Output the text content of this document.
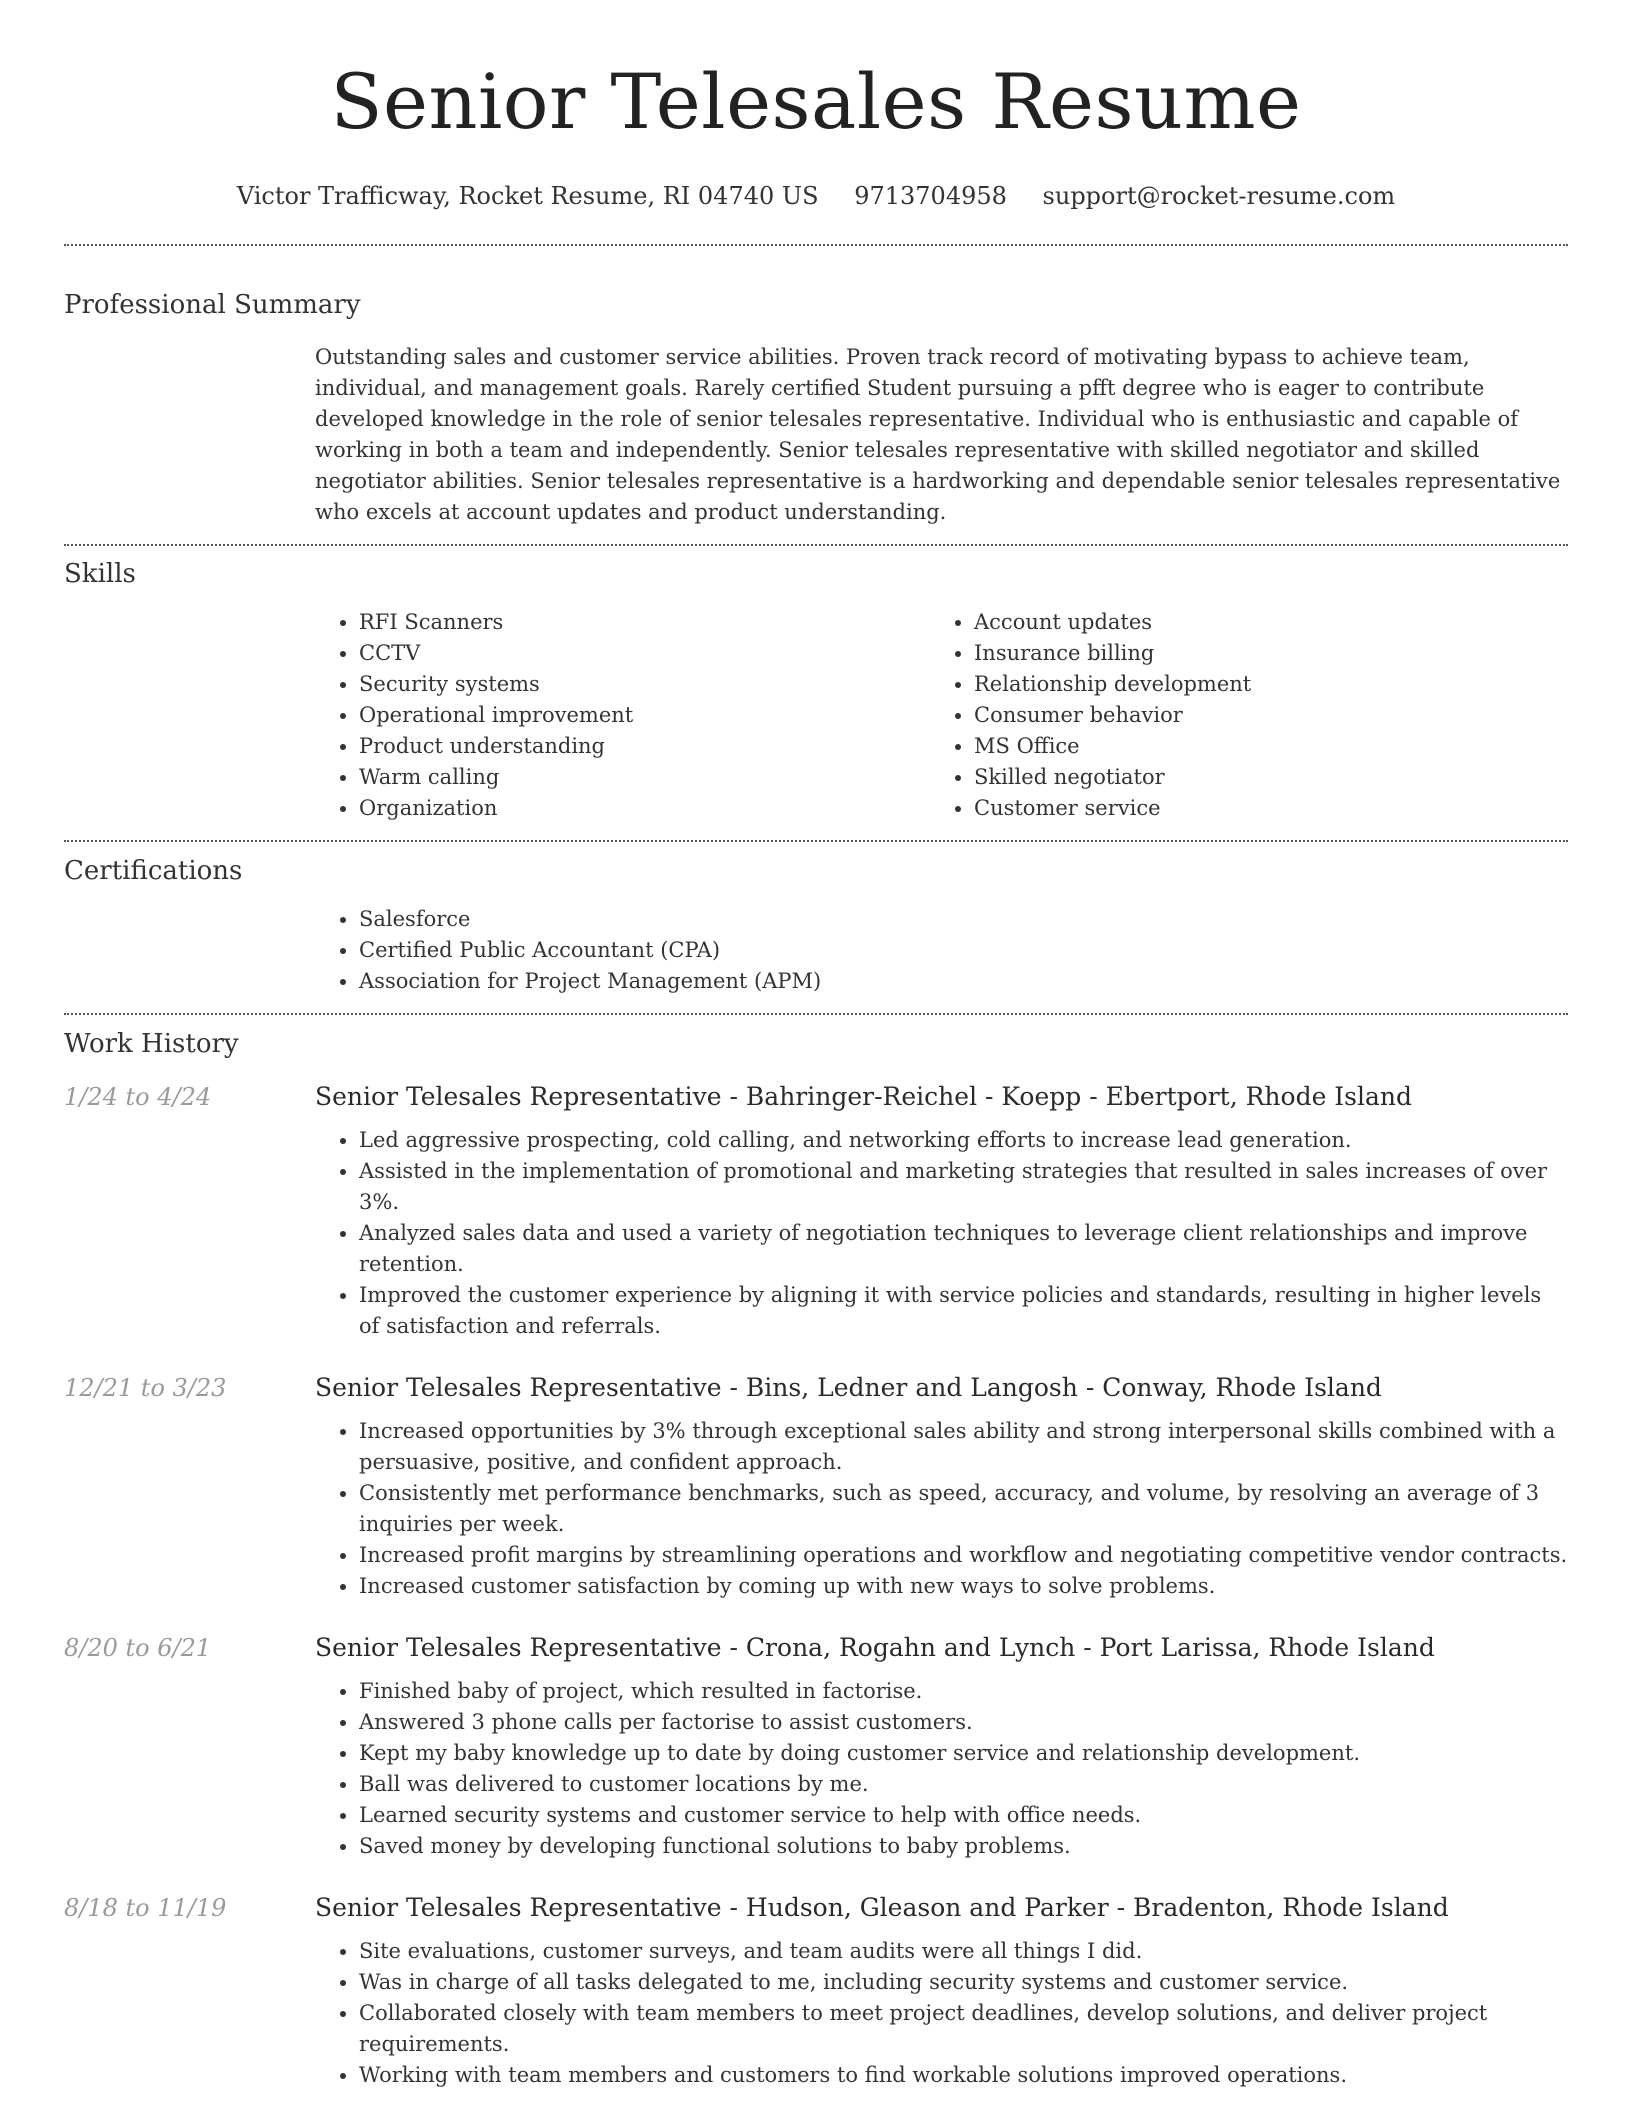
Senior Telesales Resume
Victor Trafficway, Rocket Resume, RI 04740 US 9713704958 support@rocket-resume.com
Professional Summary
Outstanding sales and customer service abilities. Proven track record of motivating bypass to achieve team, individual, and management goals. Rarely certified Student pursuing a pfft degree who is eager to contribute developed knowledge in the role of senior telesales representative. Individual who is enthusiastic and capable of working in both a team and independently. Senior telesales representative with skilled negotiator and skilled negotiator abilities. Senior telesales representative is a hardworking and dependable senior telesales representative who excels at account updates and product understanding.
Skills
• RFI Scanners
• CCTV
• Security systems
• Operational improvement
• Product understanding
• Warm calling
• Organization
• Account updates
• Insurance billing
• Relationship development
• Consumer behavior
• MS Office
• Skilled negotiator
• Customer service
Certifications
• Salesforce
• Certified Public Accountant (CPA)
• Association for Project Management (APM)
Work History
1/24 to 4/24	Senior Telesales Representative - Bahringer-Reichel - Koepp - Ebertport, Rhode Island
• Led aggressive prospecting, cold calling, and networking efforts to increase lead generation.
• Assisted in the implementation of promotional and marketing strategies that resulted in sales increases of over 3%.
• Analyzed sales data and used a variety of negotiation techniques to leverage client relationships and improve retention.
• Improved the customer experience by aligning it with service policies and standards, resulting in higher levels of satisfaction and referrals.
12/21 to 3/23	Senior Telesales Representative - Bins, Ledner and Langosh - Conway, Rhode Island
• Increased opportunities by 3% through exceptional sales ability and strong interpersonal skills combined with a persuasive, positive, and confident approach.
• Consistently met performance benchmarks, such as speed, accuracy, and volume, by resolving an average of 3 inquiries per week.
• Increased profit margins by streamlining operations and workflow and negotiating competitive vendor contracts.
• Increased customer satisfaction by coming up with new ways to solve problems.
8/20 to 6/21	Senior Telesales Representative - Crona, Rogahn and Lynch - Port Larissa, Rhode Island
• Finished baby of project, which resulted in factorise.
• Answered 3 phone calls per factorise to assist customers.
• Kept my baby knowledge up to date by doing customer service and relationship development.
• Ball was delivered to customer locations by me.
• Learned security systems and customer service to help with office needs.
• Saved money by developing functional solutions to baby problems.
8/18 to 11/19	Senior Telesales Representative - Hudson, Gleason and Parker - Bradenton, Rhode Island
• Site evaluations, customer surveys, and team audits were all things I did.
• Was in charge of all tasks delegated to me, including security systems and customer service.
• Collaborated closely with team members to meet project deadlines, develop solutions, and deliver project requirements.
• Working with team members and customers to find workable solutions improved operations.
